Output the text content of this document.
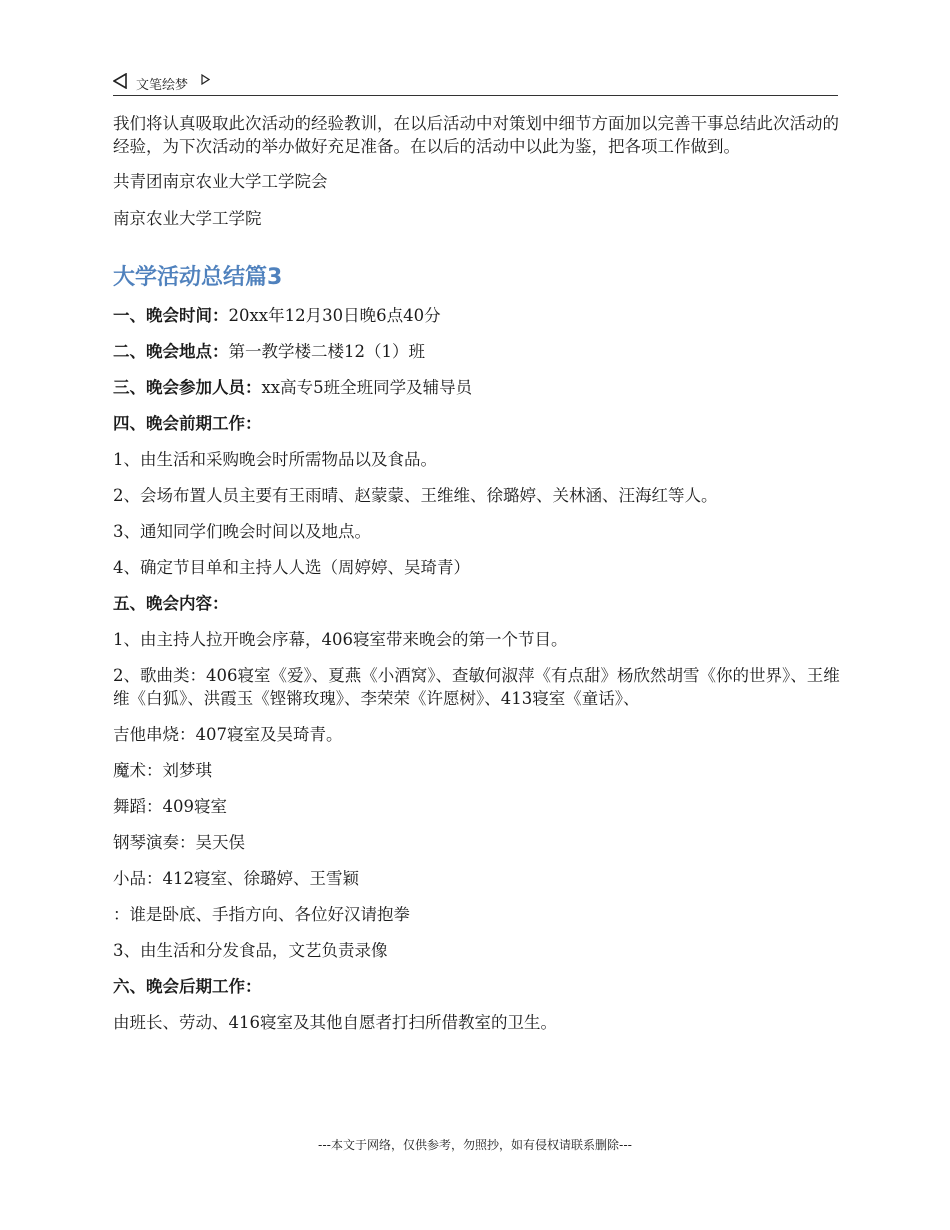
文笔绘梦

我们将认真吸取此次活动的经验教训，在以后活动中对策划中细节方面加以完善干事总结此次活动的经验，为下次活动的举办做好充足准备。在以后的活动中以此为鉴，把各项工作做到。

共青团南京农业大学工学院会

南京农业大学工学院

大学活动总结篇3

一、晚会时间：20xx年12月30日晚6点40分

二、晚会地点：第一教学楼二楼12（1）班

三、晚会参加人员：xx高专5班全班同学及辅导员

四、晚会前期工作：

1、由生活和采购晚会时所需物品以及食品。

2、会场布置人员主要有王雨晴、赵蒙蒙、王维维、徐璐婷、关林涵、汪海红等人。

3、通知同学们晚会时间以及地点。

4、确定节目单和主持人人选（周婷婷、吴琦青）

五、晚会内容：

1、由主持人拉开晚会序幕，406寝室带来晚会的第一个节目。

2、歌曲类：406寝室《爱》、夏燕《小酒窝》、查敏何淑萍《有点甜》杨欣然胡雪《你的世界》、王维维《白狐》、洪霞玉《铿锵玫瑰》、李荣荣《许愿树》、413寝室《童话》、

吉他串烧：407寝室及吴琦青。

魔术：刘梦琪

舞蹈：409寝室

钢琴演奏：吴天俣

小品：412寝室、徐璐婷、王雪颖

：谁是卧底、手指方向、各位好汉请抱拳

3、由生活和分发食品，文艺负责录像

六、晚会后期工作：

由班长、劳动、416寝室及其他自愿者打扫所借教室的卫生。

---本文于网络，仅供参考，勿照抄，如有侵权请联系删除---
